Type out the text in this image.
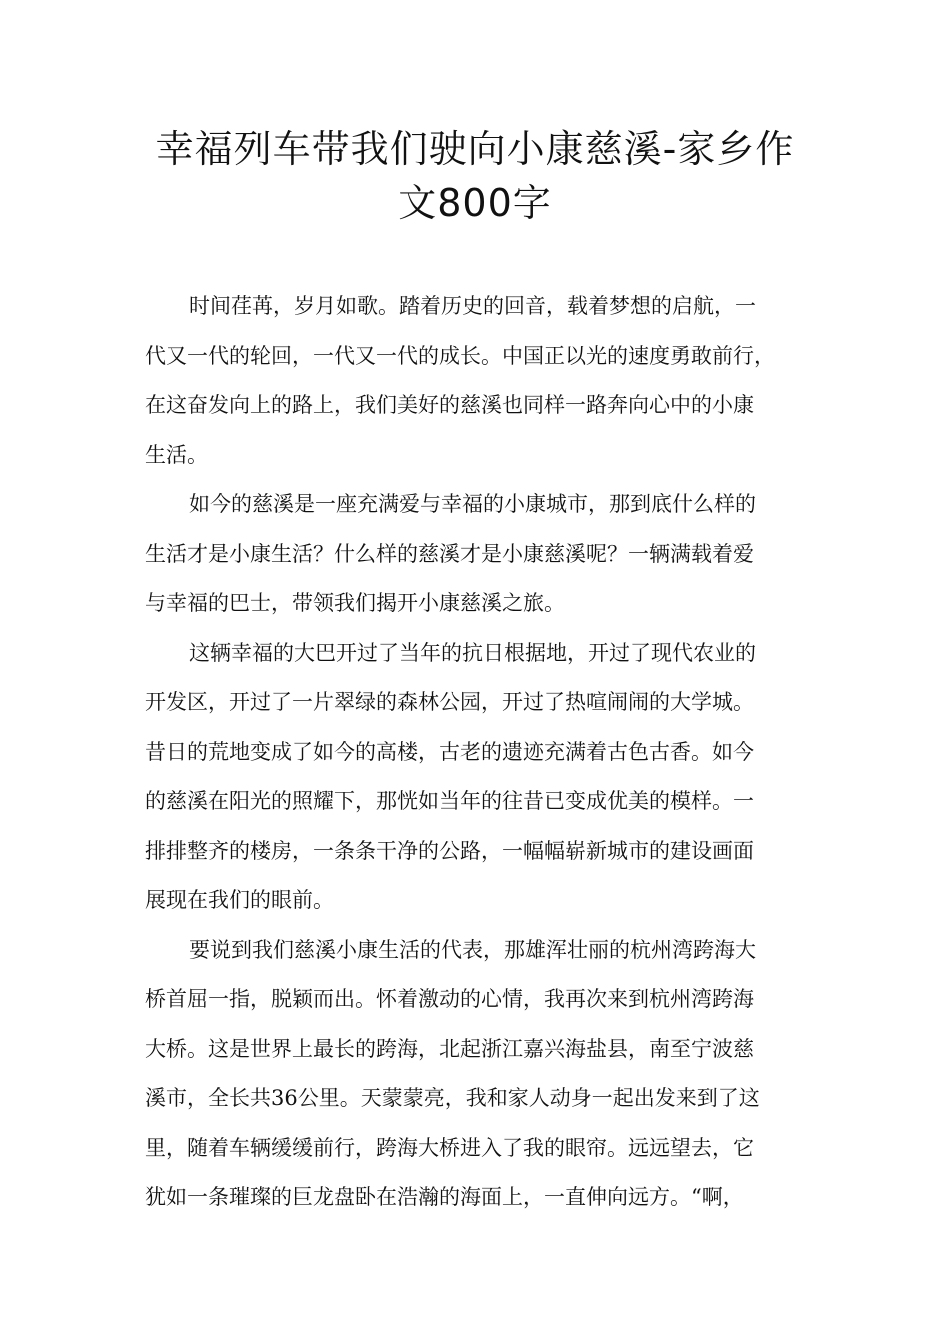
幸福列车带我们驶向小康慈溪-家乡作
文800字
时间荏苒，岁月如歌。踏着历史的回音，载着梦想的启航，一
代又一代的轮回，一代又一代的成长。中国正以光的速度勇敢前行，
在这奋发向上的路上，我们美好的慈溪也同样一路奔向心中的小康
生活。
如今的慈溪是一座充满爱与幸福的小康城市，那到底什么样的
生活才是小康生活？什么样的慈溪才是小康慈溪呢？一辆满载着爱
与幸福的巴士，带领我们揭开小康慈溪之旅。
这辆幸福的大巴开过了当年的抗日根据地，开过了现代农业的
开发区，开过了一片翠绿的森林公园，开过了热喧闹闹的大学城。
昔日的荒地变成了如今的高楼，古老的遗迹充满着古色古香。如今
的慈溪在阳光的照耀下，那恍如当年的往昔已变成优美的模样。一
排排整齐的楼房，一条条干净的公路，一幅幅崭新城市的建设画面
展现在我们的眼前。
要说到我们慈溪小康生活的代表，那雄浑壮丽的杭州湾跨海大
桥首屈一指，脱颖而出。怀着激动的心情，我再次来到杭州湾跨海
大桥。这是世界上最长的跨海，北起浙江嘉兴海盐县，南至宁波慈
溪市，全长共36公里。天蒙蒙亮，我和家人动身一起出发来到了这
里，随着车辆缓缓前行，跨海大桥进入了我的眼帘。远远望去，它
犹如一条璀璨的巨龙盘卧在浩瀚的海面上，一直伸向远方。“啊，
